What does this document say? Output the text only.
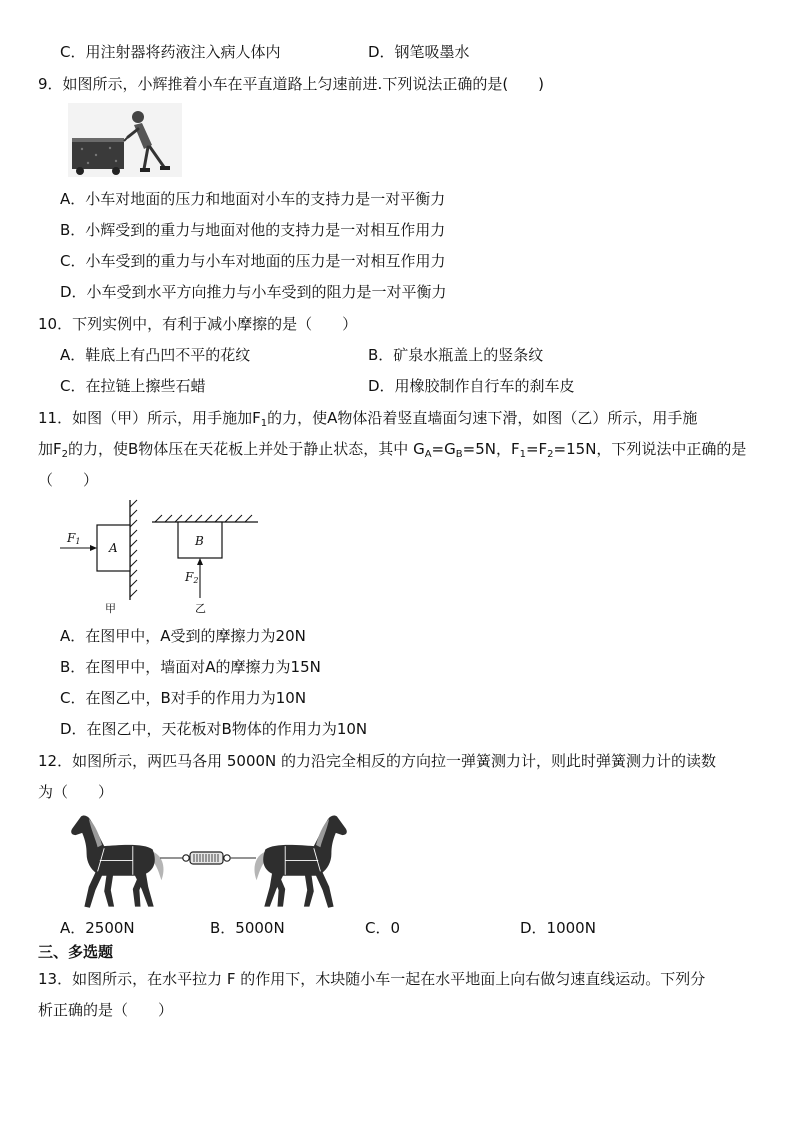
C．用注射器将药液注入病人体内	D．钢笔吸墨水
9．如图所示，小辉推着小车在平直道路上匀速前进.下列说法正确的是(　　)
A．小车对地面的压力和地面对小车的支持力是一对平衡力
B．小辉受到的重力与地面对他的支持力是一对相互作用力
C．小车受到的重力与小车对地面的压力是一对相互作用力
D．小车受到水平方向推力与小车受到的阻力是一对平衡力
10．下列实例中，有利于减小摩擦的是（　　）
A．鞋底上有凸凹不平的花纹	B．矿泉水瓶盖上的竖条纹
C．在拉链上擦些石蜡	D．用橡胶制作自行车的刹车皮
11．如图（甲）所示，用手施加$F_1$的力，使A物体沿着竖直墙面匀速下滑，如图（乙）所示，用手施
加$F_2$的力，使B物体压在天花板上并处于静止状态，其中 $G_A=G_B=5N$，$F_1=F_2=15N$，下列说法中正确的是
（　　）
A
F1
甲
B
F2
乙
A．在图甲中，A受到的摩擦力为20N
B．在图甲中，墙面对A的摩擦力为15N
C．在图乙中，B对手的作用力为10N
D．在图乙中，天花板对B物体的作用力为10N
12．如图所示，两匹马各用 5000N 的力沿完全相反的方向拉一弹簧测力计，则此时弹簧测力计的读数
为（　　）
A．2500N	B．5000N	C．0	D．1000N
三、多选题
13．如图所示，在水平拉力 F 的作用下，木块随小车一起在水平地面上向右做匀速直线运动。下列分
析正确的是（　　）
